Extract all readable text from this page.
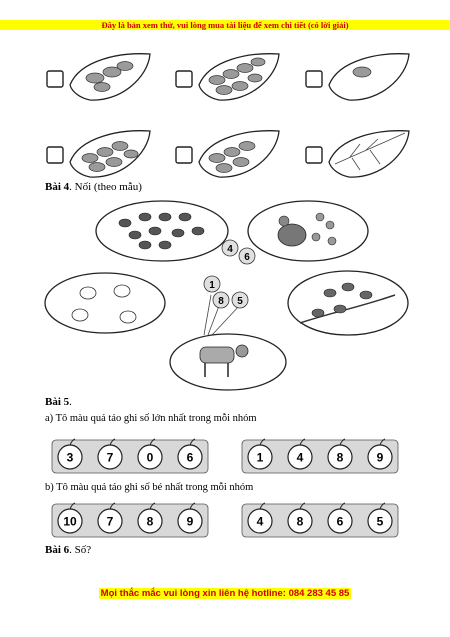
Đây là bản xem thử, vui lòng mua tài liệu để xem chi tiết (có lời giải)
Bài 4. Nối (theo mẫu)
4
6
1
8 5
Bài 5.
a) Tô màu quả táo ghi số lớn nhất trong mỗi nhóm
3	7	0	6	1	4	8	9
b) Tô màu quả táo ghi số bé nhất trong mỗi nhóm
10 7	8	9	4	8	6	5
Bài 6. Số?
Mọi thắc mắc vui lòng xin liên hệ hotline: 084 283 45 85
